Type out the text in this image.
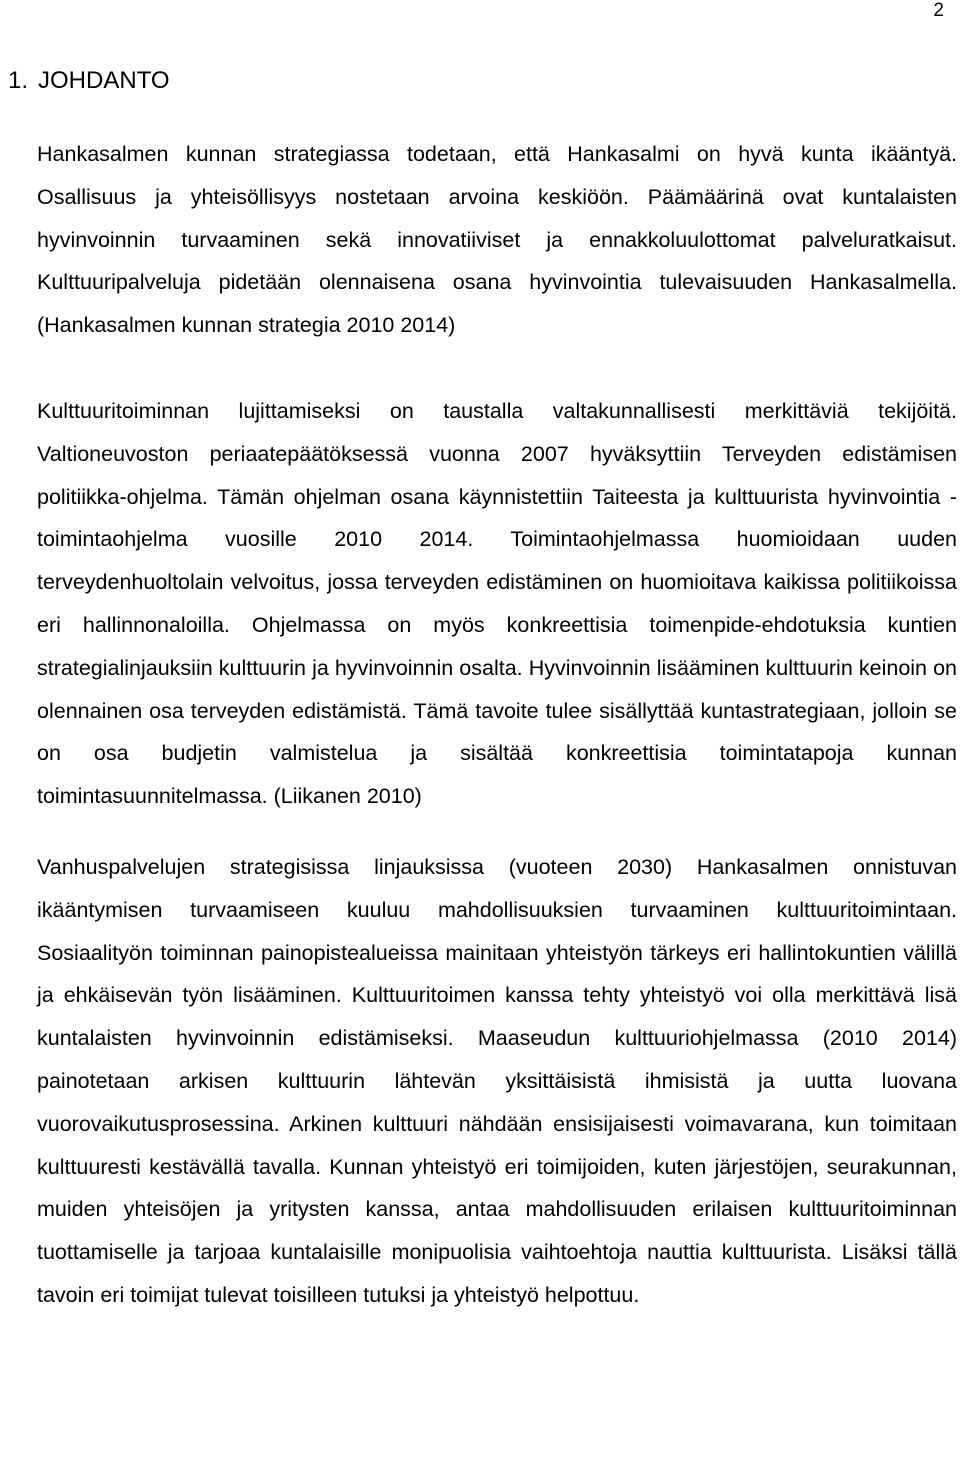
2
1. JOHDANTO

Hankasalmen kunnan strategiassa todetaan, että Hankasalmi on hyvä kunta ikääntyä. Osallisuus ja yhteisöllisyys nostetaan arvoina keskiöön. Päämäärinä ovat kuntalaisten hyvinvoinnin turvaaminen sekä innovatiiviset ja ennakkoluulottomat palveluratkaisut. Kulttuuripalveluja pidetään olennaisena osana hyvinvointia tulevaisuuden Hankasalmella. (Hankasalmen kunnan strategia 2010 2014)

Kulttuuritoiminnan lujittamiseksi on taustalla valtakunnallisesti merkittäviä tekijöitä. Valtioneuvoston periaatepäätöksessä vuonna 2007 hyväksyttiin Terveyden edistämisen politiikka-ohjelma. Tämän ohjelman osana käynnistettiin Taiteesta ja kulttuurista hyvinvointia -toimintaohjelma vuosille 2010 2014. Toimintaohjelmassa huomioidaan uuden terveydenhuoltolain velvoitus, jossa terveyden edistäminen on huomioitava kaikissa politiikoissa eri hallinnonaloilla. Ohjelmassa on myös konkreettisia toimenpide-ehdotuksia kuntien strategialinjauksiin kulttuurin ja hyvinvoinnin osalta. Hyvinvoinnin lisääminen kulttuurin keinoin on olennainen osa terveyden edistämistä. Tämä tavoite tulee sisällyttää kuntastrategiaan, jolloin se on osa budjetin valmistelua ja sisältää konkreettisia toimintatapoja kunnan toimintasuunnitelmassa. (Liikanen 2010)

Vanhuspalvelujen strategisissa linjauksissa (vuoteen 2030) Hankasalmen onnistuvan ikääntymisen turvaamiseen kuuluu mahdollisuuksien turvaaminen kulttuuritoimintaan. Sosiaalityön toiminnan painopistealueissa mainitaan yhteistyön tärkeys eri hallintokuntien välillä ja ehkäisevän työn lisääminen. Kulttuuritoimen kanssa tehty yhteistyö voi olla merkittävä lisä kuntalaisten hyvinvoinnin edistämiseksi. Maaseudun kulttuuriohjelmassa (2010 2014) painotetaan arkisen kulttuurin lähtevän yksittäisistä ihmisistä ja uutta luovana vuorovaikutusprosessina. Arkinen kulttuuri nähdään ensisijaisesti voimavarana, kun toimitaan kulttuuresti kestävällä tavalla. Kunnan yhteistyö eri toimijoiden, kuten järjestöjen, seurakunnan, muiden yhteisöjen ja yritysten kanssa, antaa mahdollisuuden erilaisen kulttuuritoiminnan tuottamiselle ja tarjoaa kuntalaisille monipuolisia vaihtoehtoja nauttia kulttuurista. Lisäksi tällä tavoin eri toimijat tulevat toisilleen tutuksi ja yhteistyö helpottuu.
